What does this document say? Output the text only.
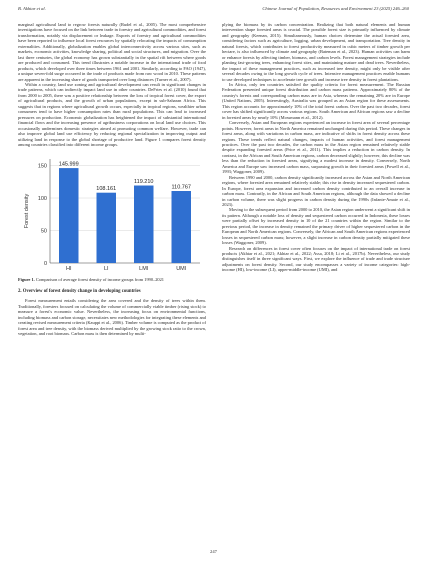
B. Akhtar et al.	Chinese Journal of Population, Resources and Environment 23 (2025) 246–260

marginal agricultural land to regrow forests naturally (Rudel et al., 2005). The most comprehensive investigations have focused on the link between trade in forestry and agricultural commodities, and forest transformation, notably via displacement or leakage. Exports of forestry and agricultural commodities have been reported to influence local forest resources by spatially relocating the impacts of consumption externalities. Additionally, globalization enables global interconnectivity across various sites, such as markets, economic activities, knowledge sharing, political and social structures, and migration. Over the last three centuries, the global economy has grown substantially in the spatial rift between where goods are produced and consumed. This trend illustrates a notable increase in the international trade of food products, which developed over three times between 1961 and 2001. Similarly, according to FAO (1947), a unique seven-fold surge occurred in the trade of products made from raw wood in 2010. These patterns are apparent in the increasing share of goods transported over long distances (Turner et al., 2007).

Within a country, land use zoning and agricultural development can result in significant changes in trade patterns, which can indirectly impact land use in other countries. DeFries et al. (2010) found that from 2000 to 2005, there was a positive relationship between the loss of tropical forest cover, the export of agricultural products, and the growth of urban populations, except in sub-Saharan Africa. This suggests that in regions where agricultural growth occurs, especially in tropical regions, wealthier urban consumers tend to have higher consumption rates than rural populations. This can lead to increased pressures on production. Economic globalization has heightened the impact of substantial international financial flows and the increasing presence of agribusiness corporations on local land use choices. This occasionally undermines domestic strategies aimed at promoting common welfare. However, trade can also improve global land use efficiency by reducing regional specialization in improving output and utilizing land in response to the global shortage of productive land. Figure 1 compares forest density among countries classified into different income groups.

0
50
100
150
Forest density
145.999
HI
108.161
LI
119.210
LMI
110.767
UMI
Figure 1. Comparison of average forest density of income groups from 1990–2021
2. Overview of forest density change in developing countries

Forest measurement entails considering the area covered and the density of trees within them. Traditionally, foresters focused on calculating the volume of commercially viable timber (rising stock) to measure a forest's economic value. Nevertheless, the increasing focus on environmental functions, including biomass and carbon storage, necessitates new methodologies for integrating these elements and creating revised measurement criteria (Kauppi et al., 2006). Timber volume is computed as the product of forest area and tree density, with the biomass derived multiplied by the growing stock ratio to the crown, vegetation, and root biomass. Carbon mass is then determined by multi-

plying the biomass by its carbon concentration. Realizing that both natural elements and human intervention shape forested areas is crucial. The possible forest size is primarily influenced by climate and geography (Keenan, 2015). Simultaneously, human choices determine the actual forested area, considering factors such as agriculture, logging, urban development, and transportation. Tree density in natural forests, which contributes to forest productivity measured in cubic meters of timber growth per hectare, is also influenced by climate and geography (Bateman et al., 2023). Human activities can harm or enhance forests by affecting timber, biomass, and carbon levels. Forest management strategies include planting fast-growing trees, enhancing forest sites, and maintaining mature and dead trees. Nevertheless, the impact of these management practices, such as increased tree density, might only be visible after several decades owing to the long growth cycle of trees. Intensive management practices enable humans to use developed techniques to accelerate tree growth and increase tree density in forest plantations.

In Africa, only ten countries satisfied the quality criteria for forest measurement. The Russian Federation presented unique forest distribution and carbon mass patterns. Approximately 80% of the country's forests and corresponding carbon mass are in Asia, whereas the remaining 20% are in Europe (United Nations, 2005). Interestingly, Australia was grouped as an Asian region for these assessments. This region accounts for approximately 10% of the total forest carbon. Over the past two decades, forest cover has shifted significantly across various regions. South American and African regions saw a decline in forested areas by nearly 10% (Mossmann et al., 2012).

Conversely, Asian and European regions experienced an increase in forest area of several percentage points. However, forest areas in North America remained unchanged during this period. These changes in forest areas, along with variations in carbon mass, are indicative of shifts in forest density across these regions. These trends reflect natural changes, impacts of human activities, and forest management practices. Over the past two decades, the carbon mass in the Asian region remained relatively stable despite expanding forested areas (Price et al., 2011). This implies a reduction in carbon density. In contrast, in the African and South American regions, carbon decreased slightly; however, this decline was less than the reduction in forested areas, signifying a modest increase in density. Conversely, North America and Europe saw increased carbon mass, surpassing growth in their forested areas (Powell et al., 1993; Waggoner, 2009).

Between 1990 and 2000, carbon density significantly increased across the Asian and North American regions, where forested area remained relatively stable; this rise in density increased sequestered carbon. In Europe, forest area expansion and increased carbon density contributed to an overall increase in carbon mass. Contrarily, in the African and South American regions, although the data showed a decline in carbon volume, there was slight progress in carbon density during the 1990s (Infante-Amate et al., 2023).

Moving to the subsequent period from 2000 to 2010, the Asian region underwent a significant shift in its pattern. Although a notable loss of density and sequestered carbon occurred in Indonesia, these losses were partially offset by increased density in 10 of the 21 countries within the region. Similar to the previous period, the increase in density remained the primary driver of higher sequestered carbon in the European and North American regions. Conversely, the African and South American regions experienced losses in sequestered carbon mass; however, a slight increase in carbon density partially mitigated these losses (Waggoner, 2009).

Research on differences in forest cover often focuses on the impact of international trade on forest products (Akhtar et al., 2021; Akhtar et al., 2022; Assa, 2018; Li et al., 2017b). Nevertheless, our study distinguishes itself in three significant ways. First, we explore the influence of trade and trade structure adjustments on forest density. Second, our study encompasses a variety of income categories: high-income (HI), low-income (LI), upper-middle-income (UMI), and

247
